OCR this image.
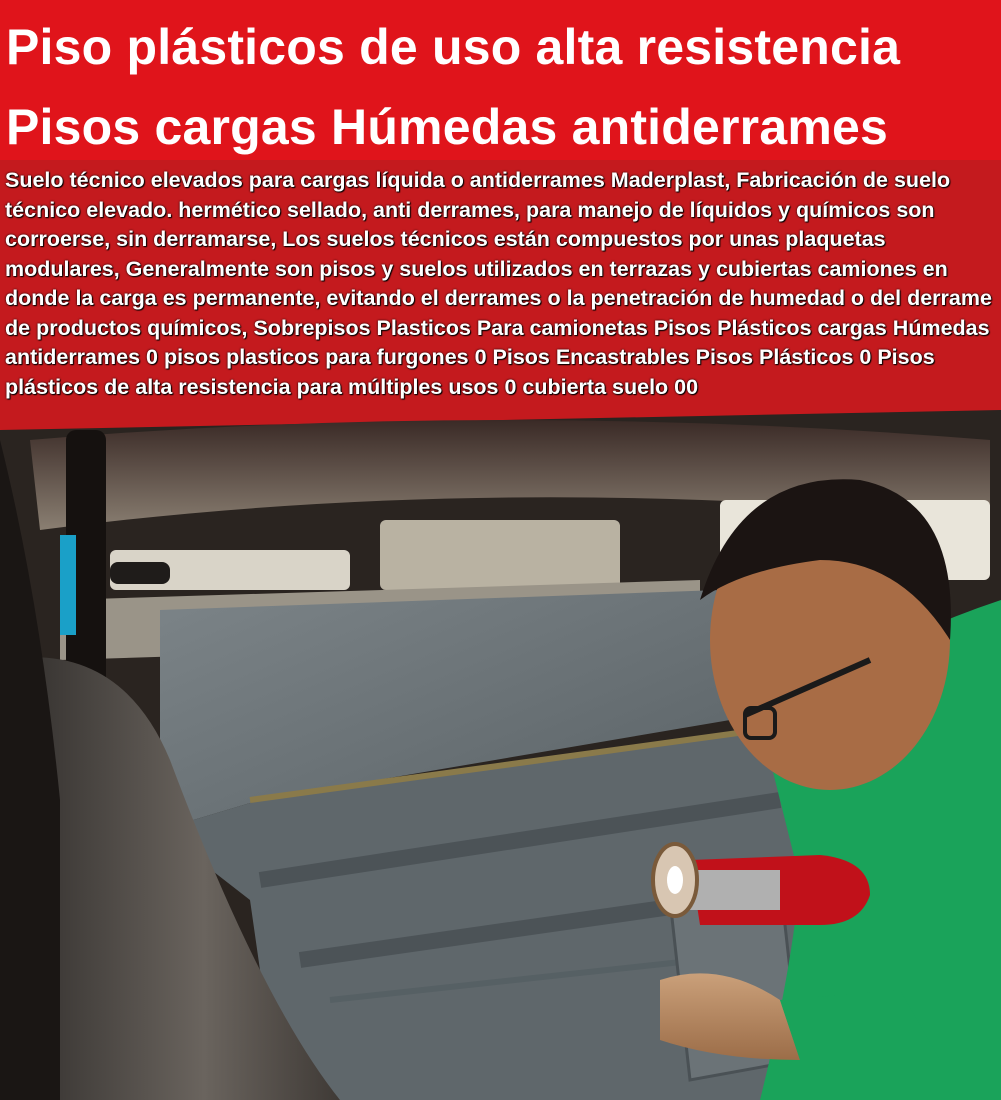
Piso plásticos de uso alta resistencia
Pisos cargas Húmedas antiderrames
Suelo técnico elevados para cargas líquida o antiderrames Maderplast, Fabricación de suelo técnico elevado. hermético sellado, anti derrames, para manejo de líquidos y químicos son corroerse, sin derramarse, Los suelos técnicos están compuestos por unas plaquetas modulares, Generalmente son pisos y suelos utilizados en terrazas y cubiertas camiones en donde la carga es permanente, evitando el derrames o la penetración de humedad o del derrame de productos químicos, Sobrepisos Plasticos Para camionetas Pisos Plásticos cargas Húmedas antiderrames 0 pisos plasticos para furgones 0 Pisos Encastrables Pisos Plásticos 0 Pisos plásticos de alta resistencia para múltiples usos 0 cubierta suelo 00
